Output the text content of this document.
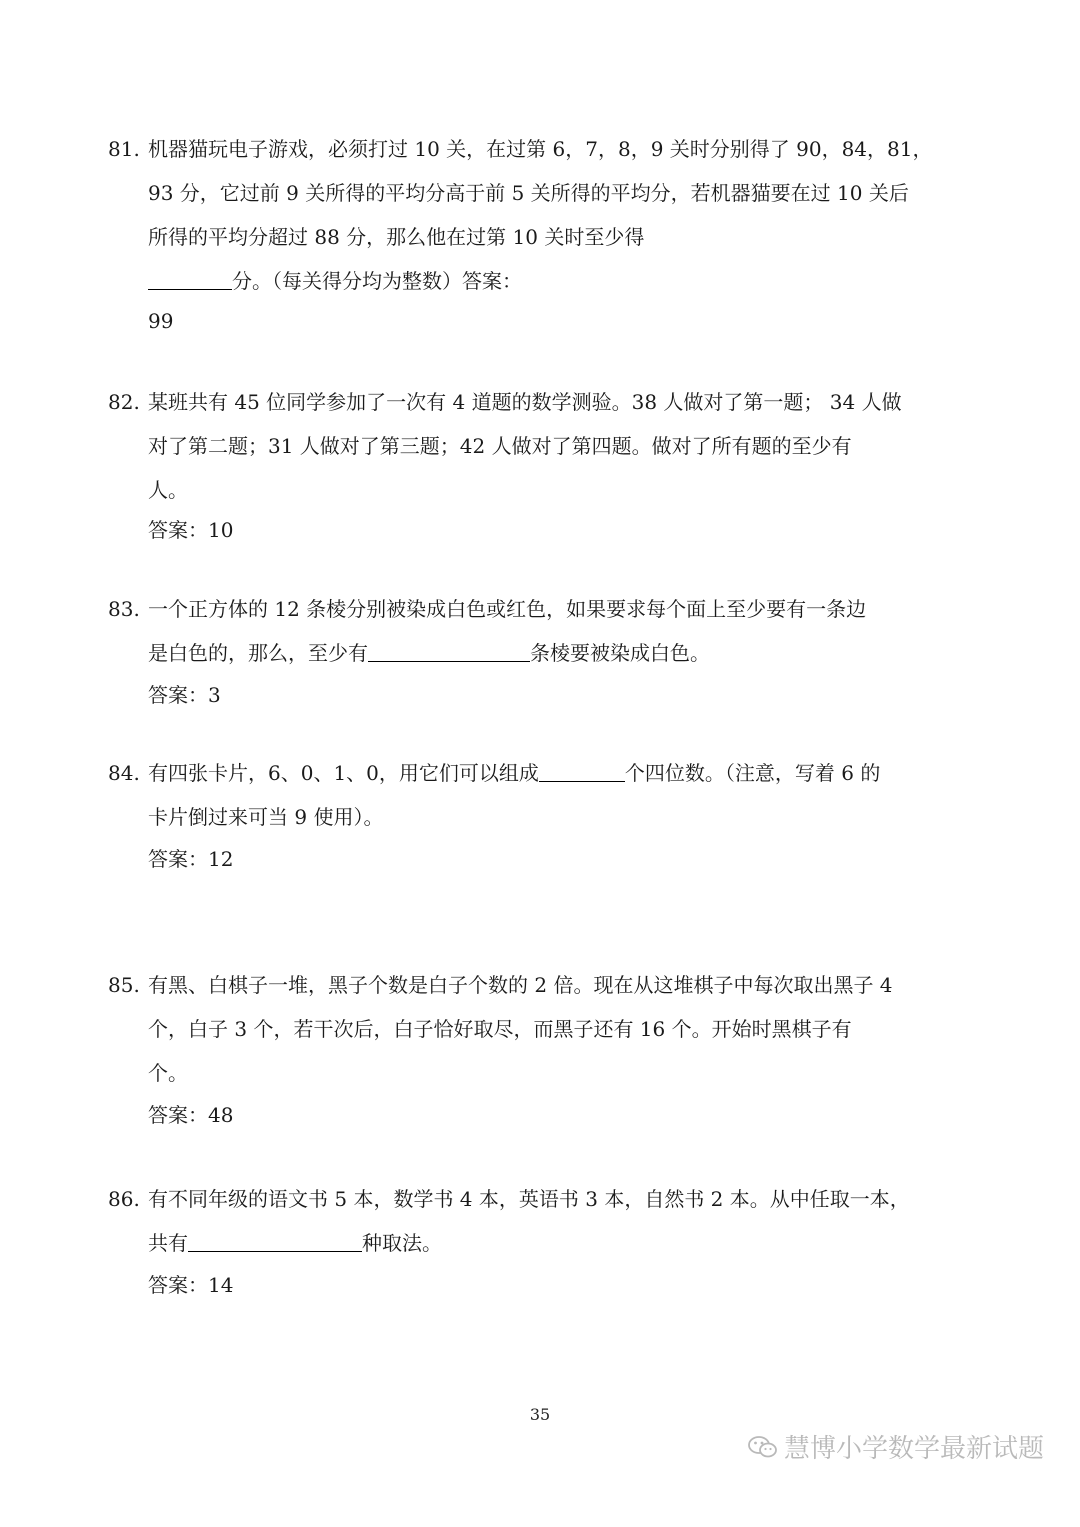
81. 机器猫玩电子游戏，必须打过 10 关，在过第 6，7，8，9 关时分别得了 90，84，81，
93 分，它过前 9 关所得的平均分高于前 5 关所得的平均分，若机器猫要在过 10 关后
所得的平均分超过 88 分，那么他在过第 10 关时至少得
分。（每关得分均为整数）答案：
99
82. 某班共有 45 位同学参加了一次有 4 道题的数学测验。38 人做对了第一题； 34 人做
对了第二题；31 人做对了第三题；42 人做对了第四题。做对了所有题的至少有
人。
答案：10
83. 一个正方体的 12 条棱分别被染成白色或红色，如果要求每个面上至少要有一条边
是白色的，那么，至少有	条棱要被染成白色。
答案：3
84. 有四张卡片，6、0、1、0，用它们可以组成	个四位数。（注意，写着 6 的
卡片倒过来可当 9 使用）。
答案：12
85. 有黑、白棋子一堆，黑子个数是白子个数的 2 倍。现在从这堆棋子中每次取出黑子 4
个，白子 3 个，若干次后，白子恰好取尽，而黑子还有 16 个。开始时黑棋子有
个。
答案：48
86. 有不同年级的语文书 5 本，数学书 4 本，英语书 3 本，自然书 2 本。从中任取一本，
共有	种取法。
答案：14
35
慧博小学数学最新试题
